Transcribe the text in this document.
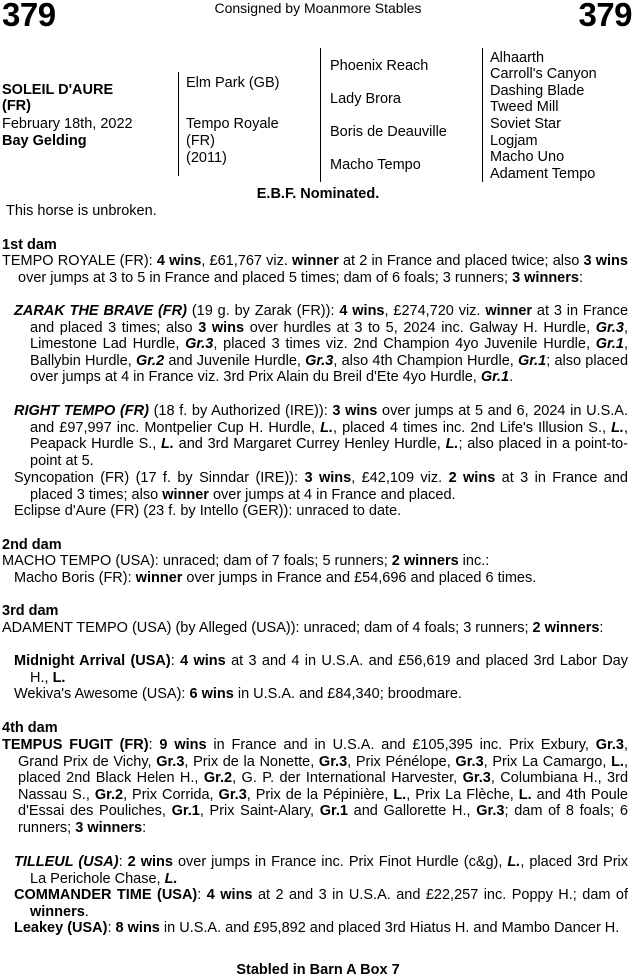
379	Consigned by Moanmore Stables	379
SOLEIL D'AURE
(FR)
February 18th, 2022
Bay Gelding
Elm Park (GB)
Tempo Royale
(FR)
(2011)
Phoenix Reach
Lady Brora
Boris de Deauville
Macho Tempo
Alhaarth
Carroll's Canyon
Dashing Blade
Tweed Mill
Soviet Star
Logjam
Macho Uno
Adament Tempo
E.B.F. Nominated.
This horse is unbroken.
1st dam
TEMPO ROYALE (FR): 4 wins, £61,767 viz. winner at 2 in France and placed twice; also 3 wins over jumps at 3 to 5 in France and placed 5 times; dam of 6 foals; 3 runners; 3 winners:
ZARAK THE BRAVE (FR) (19 g. by Zarak (FR)): 4 wins, £274,720 viz. winner at 3 in France and placed 3 times; also 3 wins over hurdles at 3 to 5, 2024 inc. Galway H. Hurdle, Gr.3, Limestone Lad Hurdle, Gr.3, placed 3 times viz. 2nd Champion 4yo Juvenile Hurdle, Gr.1, Ballybin Hurdle, Gr.2 and Juvenile Hurdle, Gr.3, also 4th Champion Hurdle, Gr.1; also placed over jumps at 4 in France viz. 3rd Prix Alain du Breil d'Ete 4yo Hurdle, Gr.1.
RIGHT TEMPO (FR) (18 f. by Authorized (IRE)): 3 wins over jumps at 5 and 6, 2024 in U.S.A. and £97,997 inc. Montpelier Cup H. Hurdle, L., placed 4 times inc. 2nd Life's Illusion S., L., Peapack Hurdle S., L. and 3rd Margaret Currey Henley Hurdle, L.; also placed in a point-to-point at 5.
Syncopation (FR) (17 f. by Sinndar (IRE)): 3 wins, £42,109 viz. 2 wins at 3 in France and placed 3 times; also winner over jumps at 4 in France and placed.
Eclipse d'Aure (FR) (23 f. by Intello (GER)): unraced to date.
2nd dam
MACHO TEMPO (USA): unraced; dam of 7 foals; 5 runners; 2 winners inc.:
Macho Boris (FR): winner over jumps in France and £54,696 and placed 6 times.
3rd dam
ADAMENT TEMPO (USA) (by Alleged (USA)): unraced; dam of 4 foals; 3 runners; 2 winners:
Midnight Arrival (USA): 4 wins at 3 and 4 in U.S.A. and £56,619 and placed 3rd Labor Day H., L.
Wekiva's Awesome (USA): 6 wins in U.S.A. and £84,340; broodmare.
4th dam
TEMPUS FUGIT (FR): 9 wins in France and in U.S.A. and £105,395 inc. Prix Exbury, Gr.3, Grand Prix de Vichy, Gr.3, Prix de la Nonette, Gr.3, Prix Pénélope, Gr.3, Prix La Camargo, L., placed 2nd Black Helen H., Gr.2, G. P. der International Harvester, Gr.3, Columbiana H., 3rd Nassau S., Gr.2, Prix Corrida, Gr.3, Prix de la Pépinière, L., Prix La Flèche, L. and 4th Poule d'Essai des Pouliches, Gr.1, Prix Saint-Alary, Gr.1 and Gallorette H., Gr.3; dam of 8 foals; 6 runners; 3 winners:
TILLEUL (USA): 2 wins over jumps in France inc. Prix Finot Hurdle (c&g), L., placed 3rd Prix La Perichole Chase, L.
COMMANDER TIME (USA): 4 wins at 2 and 3 in U.S.A. and £22,257 inc. Poppy H.; dam of winners.
Leakey (USA): 8 wins in U.S.A. and £95,892 and placed 3rd Hiatus H. and Mambo Dancer H.
Stabled in Barn A Box 7
